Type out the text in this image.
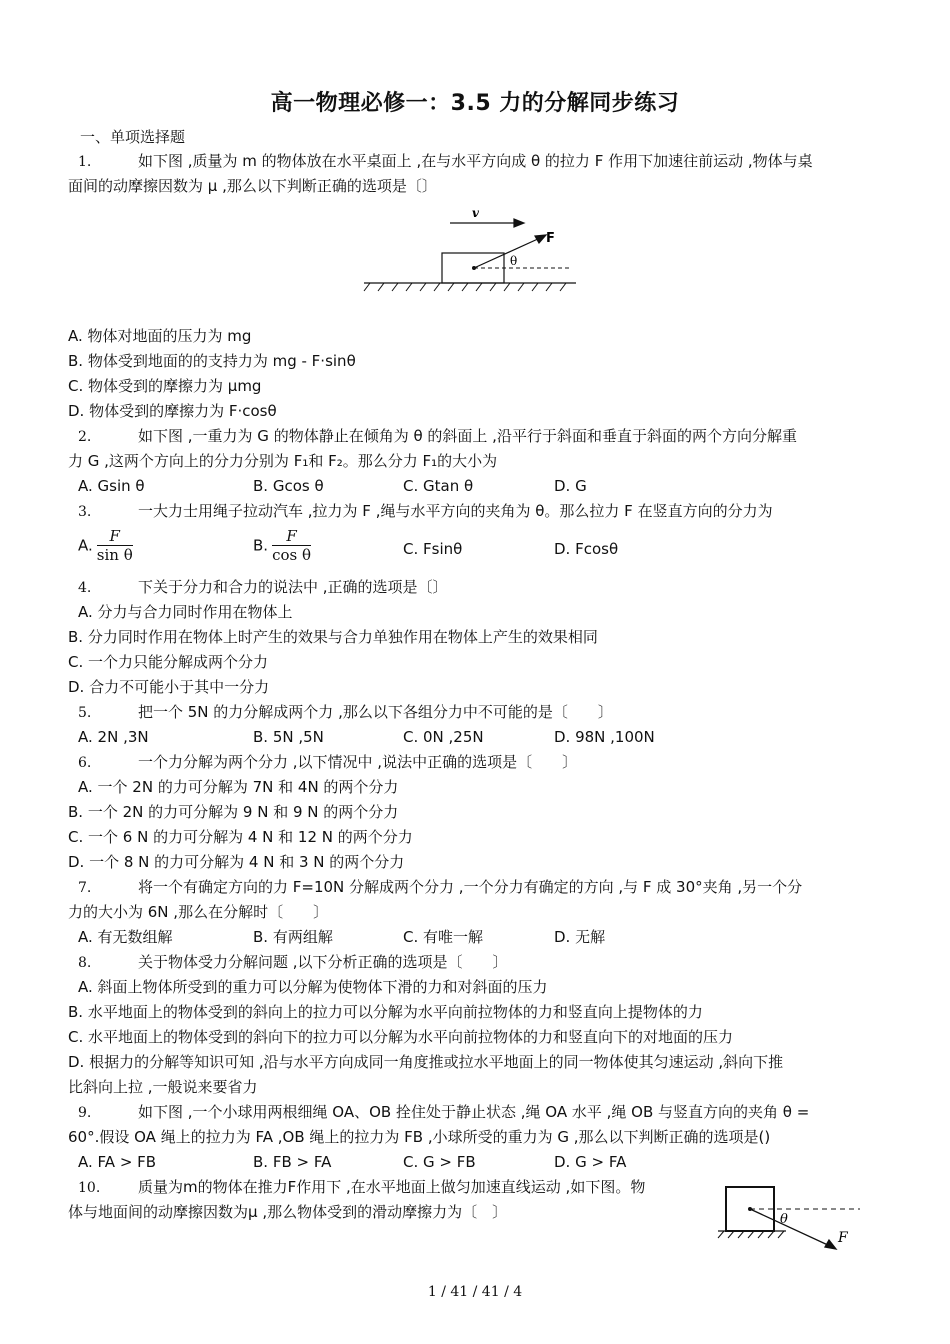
高一物理必修一：3.5 力的分解同步练习
一、单项选择题
1.	如下图 ,质量为 m 的物体放在水平桌面上 ,在与水平方向成 θ 的拉力 F 作用下加速往前运动 ,物体与桌
面间的动摩擦因数为 μ ,那么以下判断正确的选项是〔〕
v
F
θ
A. 物体对地面的压力为 mg
B. 物体受到地面的的支持力为 mg - F·sinθ
C. 物体受到的摩擦力为 μmg
D. 物体受到的摩擦力为 F·cosθ
2.	如下图 ,一重力为 G 的物体静止在倾角为 θ 的斜面上 ,沿平行于斜面和垂直于斜面的两个方向分解重
力 G ,这两个方向上的分力分别为 F₁和 F₂。那么分力 F₁的大小为
A. Gsin θ	B. Gcos θ	C. Gtan θ	D. G
3.	一大力士用绳子拉动汽车 ,拉力为 F ,绳与水平方向的夹角为 θ。那么拉力 F 在竖直方向的分力为
A. $\frac{F}{\text{sin θ}}$	B. $\frac{F}{\text{cos θ}}$	C. Fsinθ	D. Fcosθ
4.	下关于分力和合力的说法中 ,正确的选项是〔〕
A. 分力与合力同时作用在物体上
B. 分力同时作用在物体上时产生的效果与合力单独作用在物体上产生的效果相同
C. 一个力只能分解成两个分力
D. 合力不可能小于其中一分力
5.	把一个 5N 的力分解成两个力 ,那么以下各组分力中不可能的是〔　　〕
A. 2N ,3N	B. 5N ,5N	C. 0N ,25N	D. 98N ,100N
6.	一个力分解为两个分力 ,以下情况中 ,说法中正确的选项是〔　　〕
A. 一个 2N 的力可分解为 7N 和 4N 的两个分力
B. 一个 2N 的力可分解为 9 N 和 9 N 的两个分力
C. 一个 6 N 的力可分解为 4 N 和 12 N 的两个分力
D. 一个 8 N 的力可分解为 4 N 和 3 N 的两个分力
7.	将一个有确定方向的力 F=10N 分解成两个分力 ,一个分力有确定的方向 ,与 F 成 30°夹角 ,另一个分
力的大小为 6N ,那么在分解时〔　　〕
A. 有无数组解	B. 有两组解	C. 有唯一解	D. 无解
8.	关于物体受力分解问题 ,以下分析正确的选项是〔　　〕
A. 斜面上物体所受到的重力可以分解为使物体下滑的力和对斜面的压力
B. 水平地面上的物体受到的斜向上的拉力可以分解为水平向前拉物体的力和竖直向上提物体的力
C. 水平地面上的物体受到的斜向下的拉力可以分解为水平向前拉物体的力和竖直向下的对地面的压力
D. 根据力的分解等知识可知 ,沿与水平方向成同一角度推或拉水平地面上的同一物体使其匀速运动 ,斜向下推
比斜向上拉 ,一般说来要省力
9.	如下图 ,一个小球用两根细绳 OA、OB 拴住处于静止状态 ,绳 OA 水平 ,绳 OB 与竖直方向的夹角 θ =
60°.假设 OA 绳上的拉力为 FA ,OB 绳上的拉力为 FB ,小球所受的重力为 G ,那么以下判断正确的选项是()
A. FA > FB	B. FB > FA	C. G > FB	D. G > FA
10.	质量为m的物体在推力F作用下 ,在水平地面上做匀加速直线运动 ,如下图。物
体与地面间的动摩擦因数为μ ,那么物体受到的滑动摩擦力为〔　〕	θ
F
1 / 41 / 41 / 4
